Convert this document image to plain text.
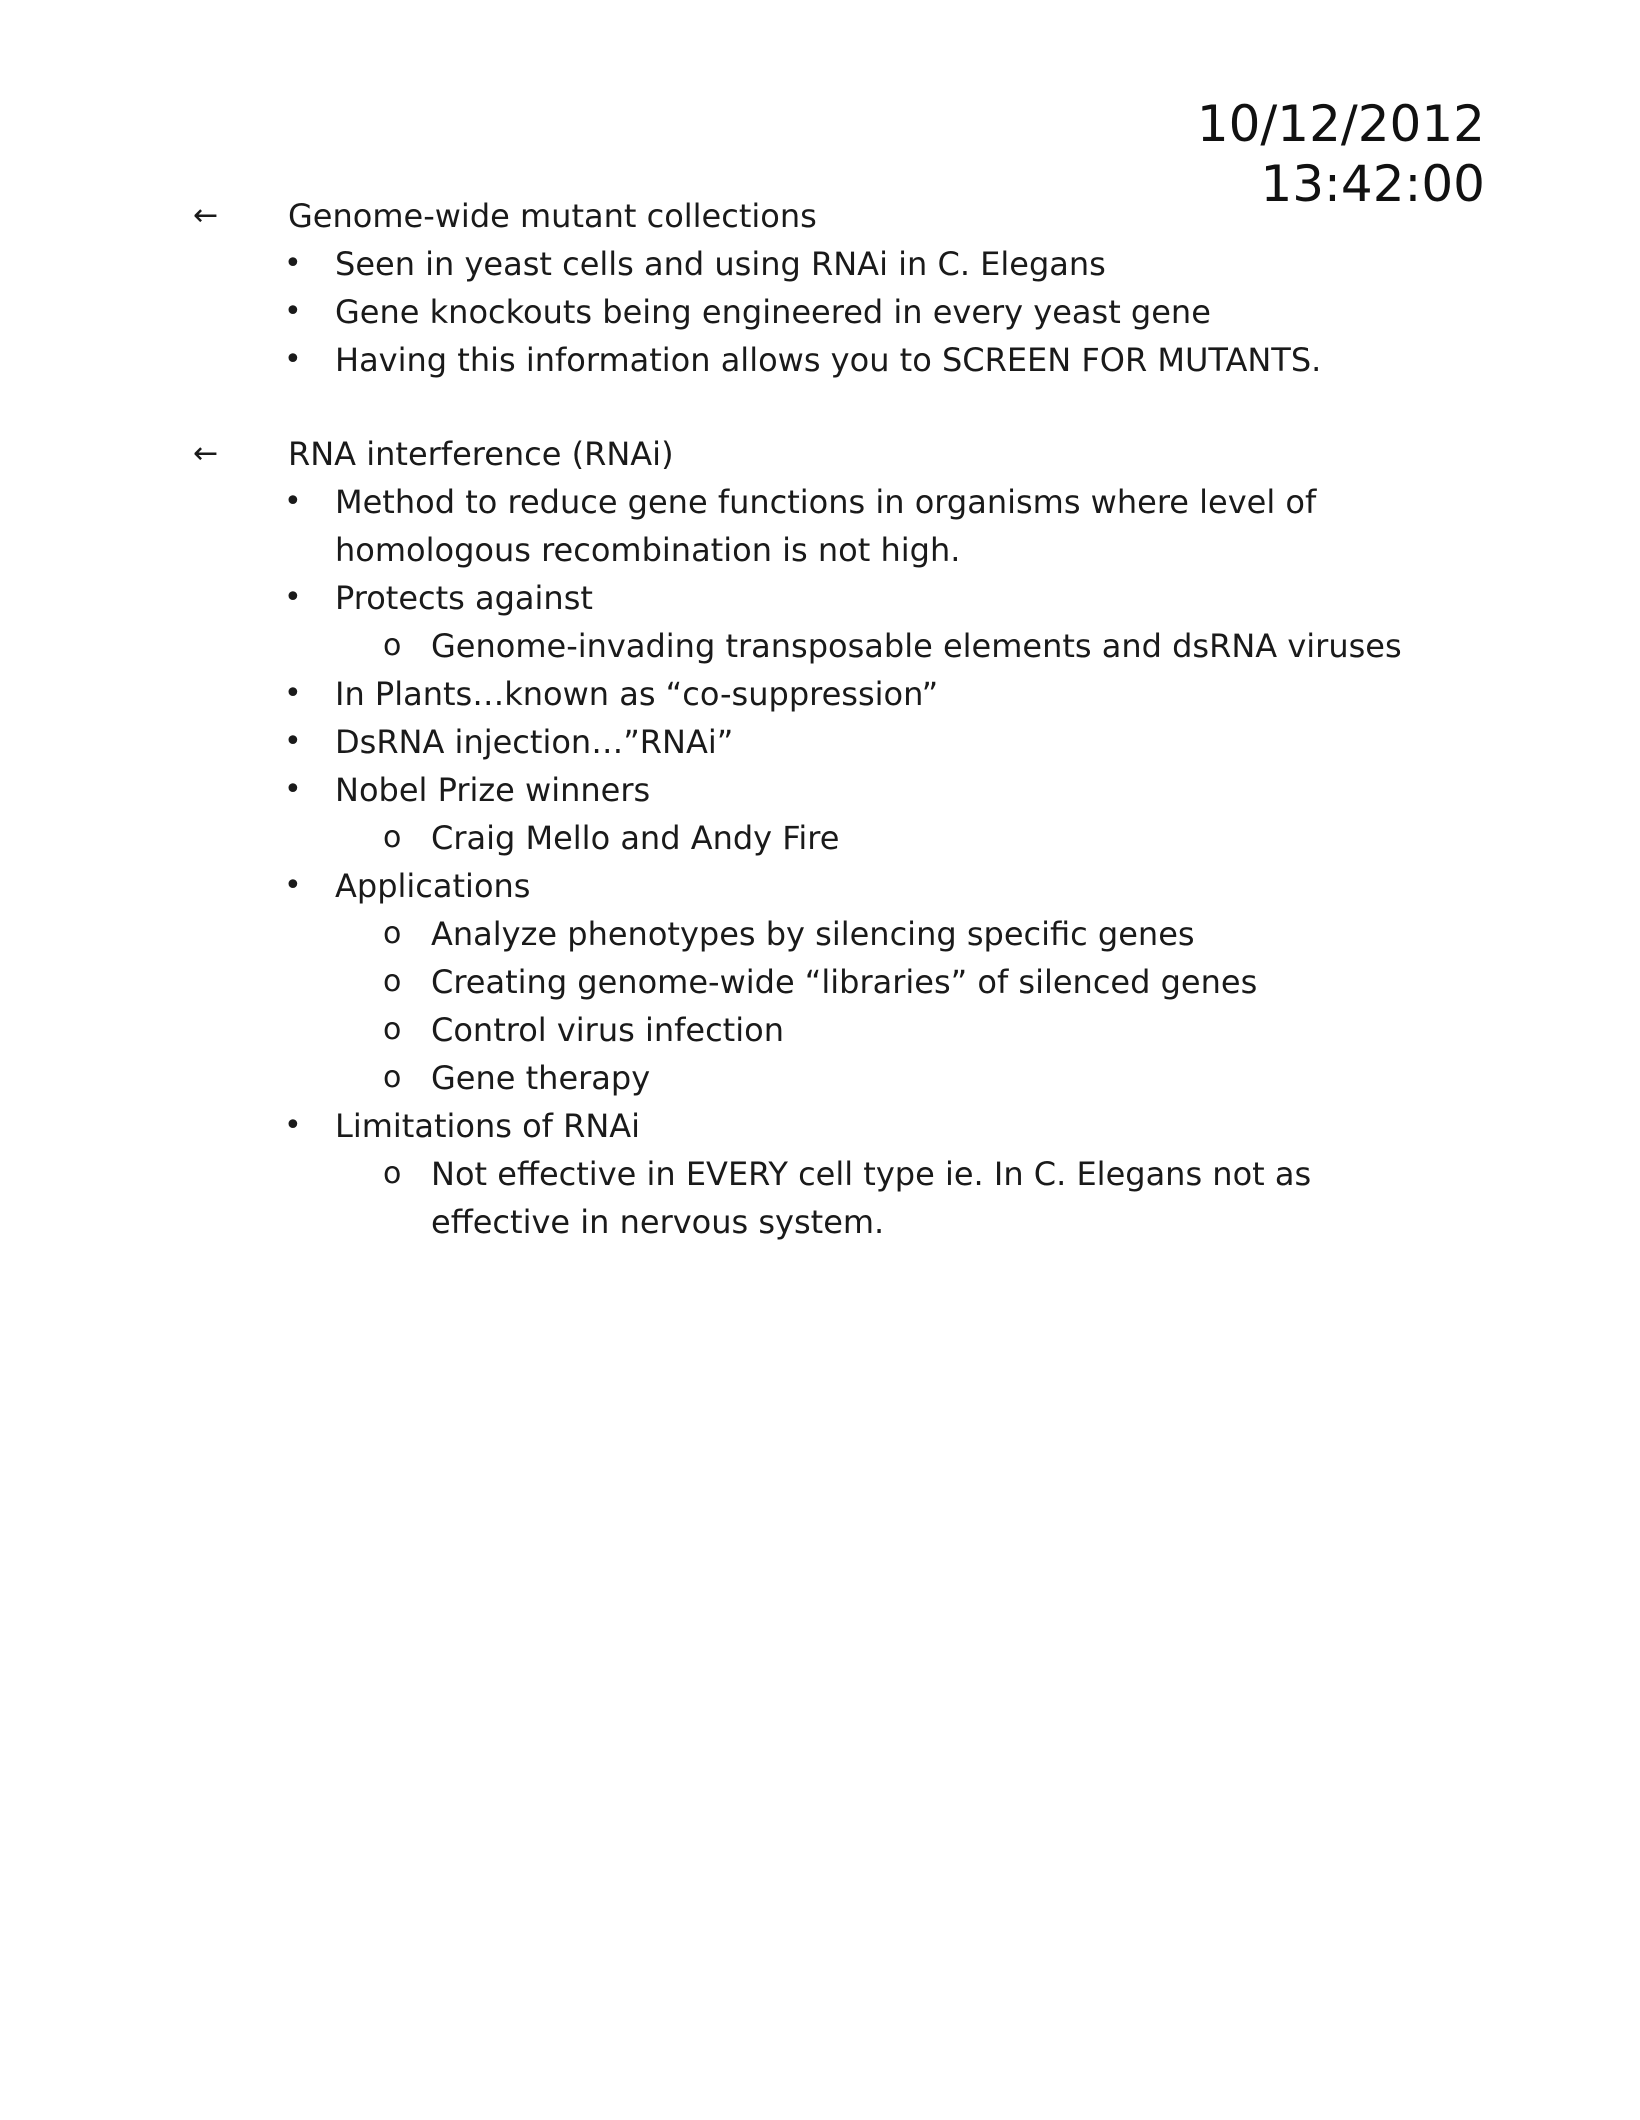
10/12/2012 13:42:00
← Genome-wide mutant collections
• Seen in yeast cells and using RNAi in C. Elegans
• Gene knockouts being engineered in every yeast gene
• Having this information allows you to SCREEN FOR MUTANTS.
← RNA interference (RNAi)
• Method to reduce gene functions in organisms where level of homologous recombination is not high.
• Protects against
o Genome-invading transposable elements and dsRNA viruses
• In Plants…known as “co-suppression”
• DsRNA injection…”RNAi”
• Nobel Prize winners
o Craig Mello and Andy Fire
• Applications
o Analyze phenotypes by silencing specific genes
o Creating genome-wide “libraries” of silenced genes
o Control virus infection
o Gene therapy
• Limitations of RNAi
o Not effective in EVERY cell type ie. In C. Elegans not as effective in nervous system.
